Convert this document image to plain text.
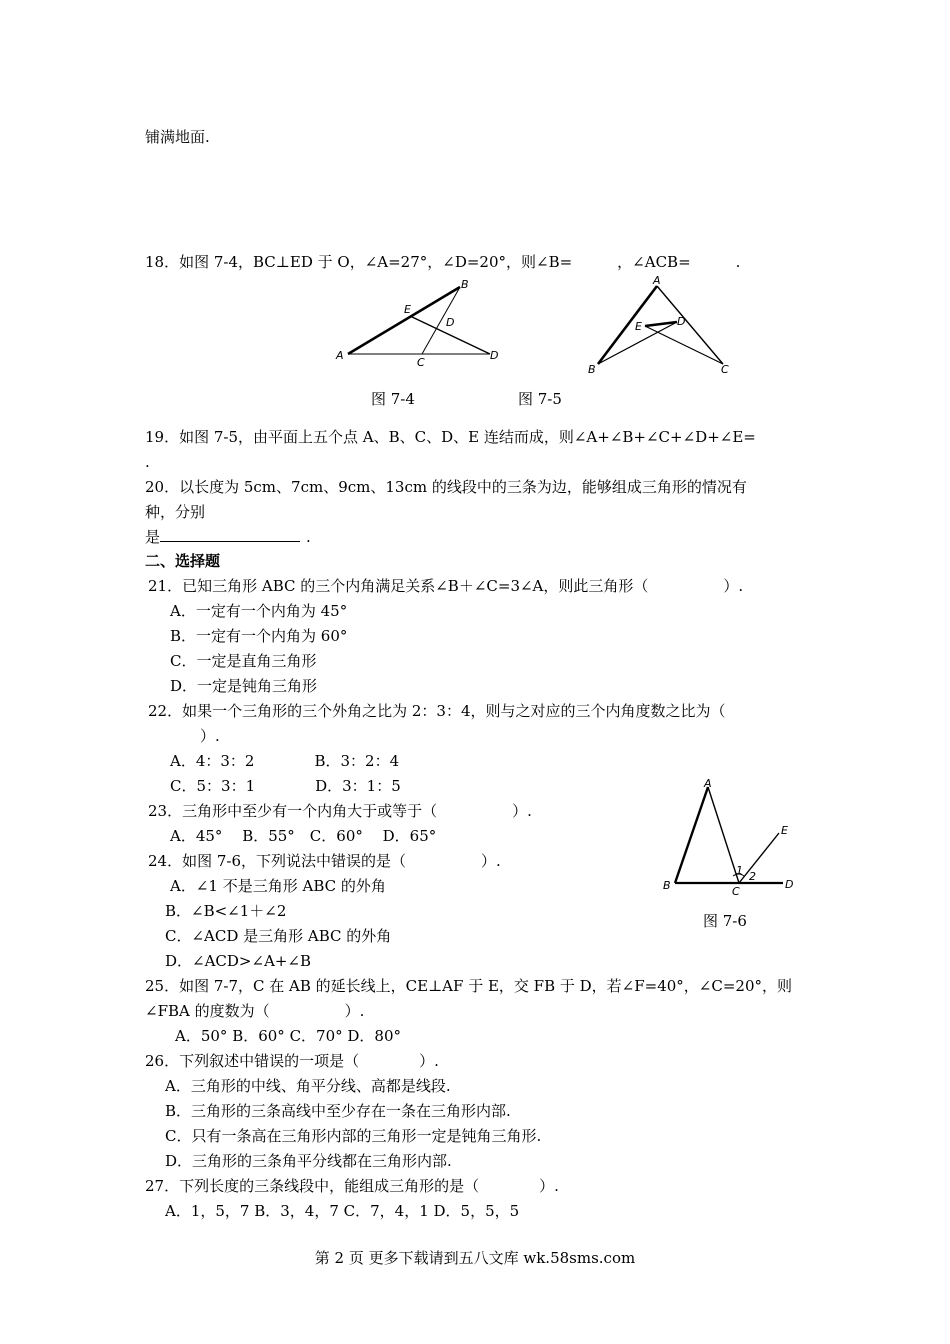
铺满地面.
18．如图 7-4，BC⊥ED 于 O，∠A=27°，∠D=20°，则∠B=　　　，∠ACB=　　　.
A
B
C
D
E
D
A
B	C
D
E
图 7-4	图 7-5
19．如图 7-5，由平面上五个点 A、B、C、D、E 连结而成，则∠A+∠B+∠C+∠D+∠E=
.
20．以长度为 5cm、7cm、9cm、13cm 的线段中的三条为边，能够组成三角形的情况有
种，分别
是	.
二、选择题
21．已知三角形 ABC 的三个内角满足关系∠B＋∠C=3∠A，则此三角形（　　　　　）.
A．一定有一个内角为 45°
B．一定有一个内角为 60°
C．一定是直角三角形
D．一定是钝角三角形
22．如果一个三角形的三个外角之比为 2：3：4，则与之对应的三个内角度数之比为（
）.
A．4：3：2　　　　B．3：2：4
C．5：3：1　　　　D．3：1：5
23．三角形中至少有一个内角大于或等于（　　　　　）.
A．45°　 B．55°　C．60°　 D．65°
24．如图 7-6，下列说法中错误的是（　　　　　）.
A．∠1 不是三角形 ABC 的外角
B．∠B<∠1＋∠2
C．∠ACD 是三角形 ABC 的外角
D．∠ACD>∠A+∠B
A
B	C
D
E
1 2
图 7-6
25．如图 7-7，C 在 AB 的延长线上，CE⊥AF 于 E，交 FB 于 D，若∠F=40°，∠C=20°，则
∠FBA 的度数为（　　　　　）.
A．50° B．60° C．70° D．80°
26．下列叙述中错误的一项是（　　　　）.
A．三角形的中线、角平分线、高都是线段.
B．三角形的三条高线中至少存在一条在三角形内部.
C．只有一条高在三角形内部的三角形一定是钝角三角形.
D．三角形的三条角平分线都在三角形内部.
27．下列长度的三条线段中，能组成三角形的是（　　　　）.
A．1，5，7 B．3，4，7 C．7，4，1 D．5，5，5
第 2 页 更多下载请到五八文库 wk.58sms.com
